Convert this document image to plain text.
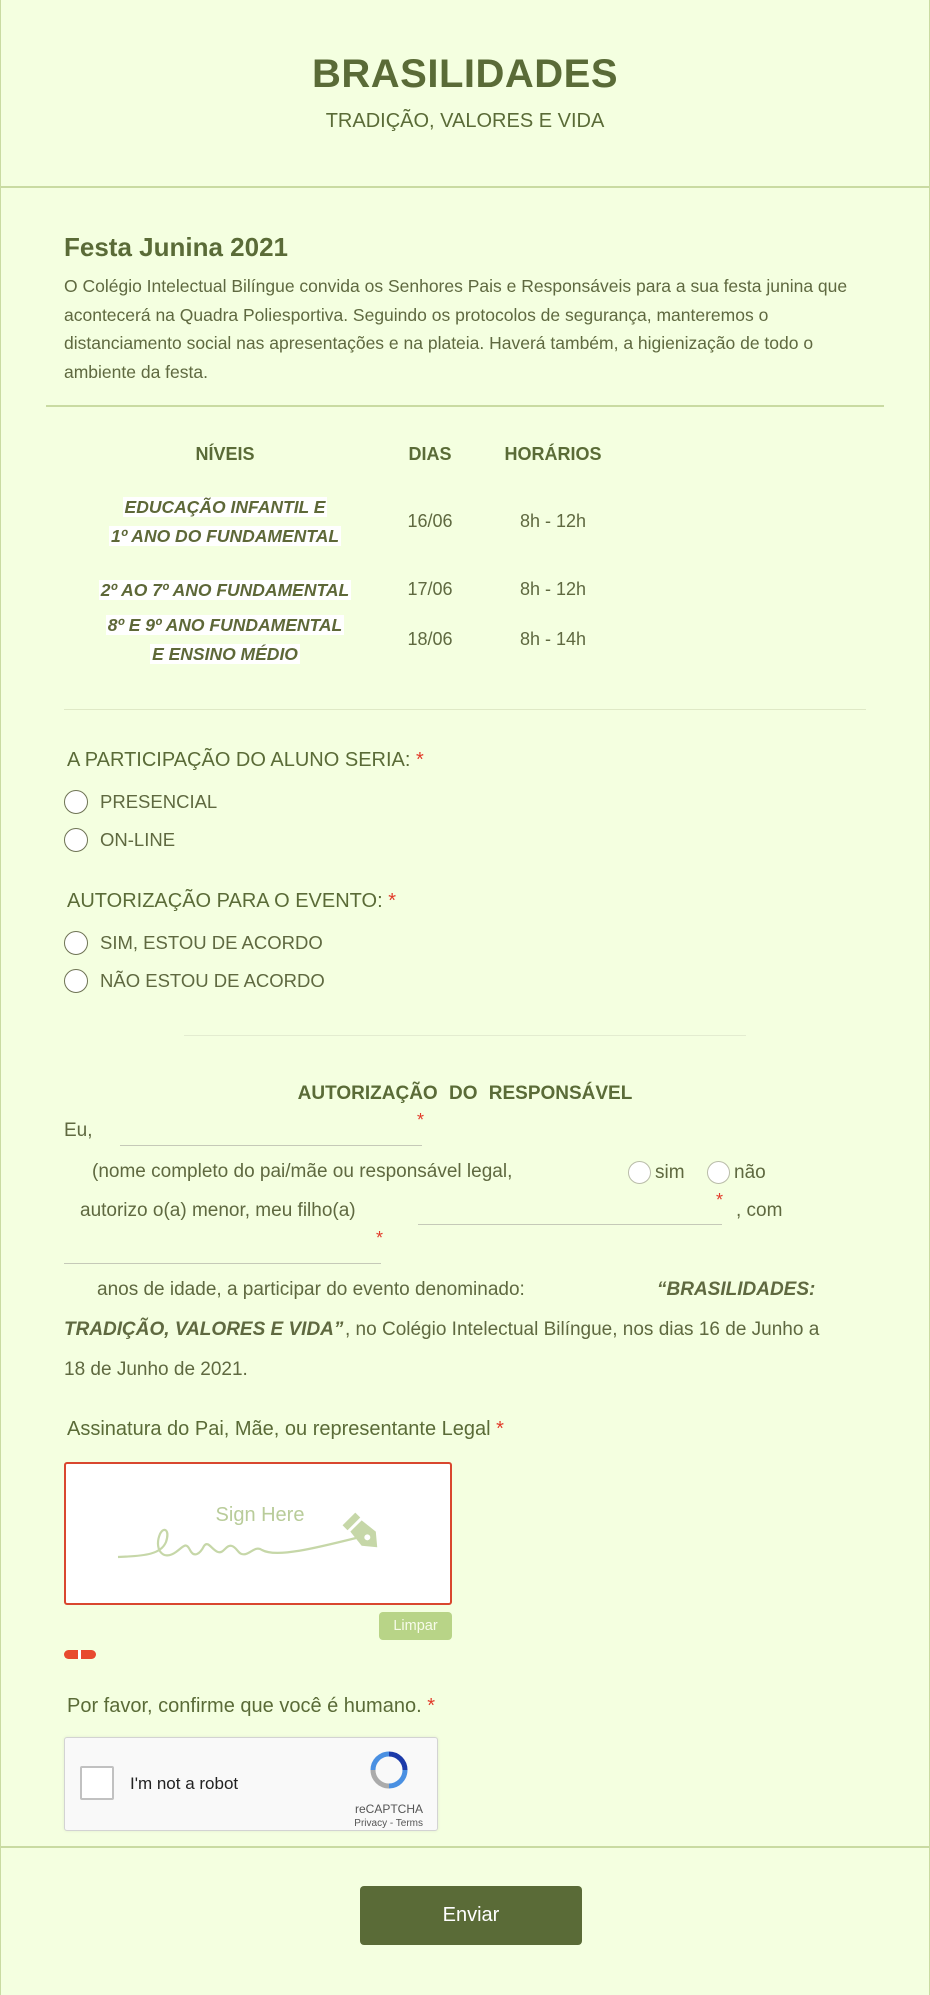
BRASILIDADES
TRADIÇÃO, VALORES E VIDA
Festa Junina 2021
O Colégio Intelectual Bilíngue convida os Senhores Pais e Responsáveis para a sua festa junina que acontecerá na Quadra Poliesportiva. Seguindo os protocolos de segurança, manteremos o distanciamento social nas apresentações e na plateia. Haverá também, a higienização de todo o ambiente da festa.
NÍVEIS	DIAS	HORÁRIOS
EDUCAÇÃO INFANTIL E
1º ANO DO FUNDAMENTAL
16/06	8h - 12h
2º AO 7º ANO FUNDAMENTAL	17/06	8h - 12h
8º E 9º ANO FUNDAMENTAL
E ENSINO MÉDIO
18/06	8h - 14h
A PARTICIPAÇÃO DO ALUNO SERIA: *
PRESENCIAL
ON-LINE
AUTORIZAÇÃO PARA O EVENTO: *
SIM, ESTOU DE ACORDO
NÃO ESTOU DE ACORDO
AUTORIZAÇÃO DO RESPONSÁVEL
Eu,	*
(nome completo do pai/mãe ou responsável legal,	sim	não
autorizo o(a) menor, meu filho(a)	* , com
*
anos de idade, a participar do evento denominado:	“BRASILIDADES:
TRADIÇÃO, VALORES E VIDA” , no Colégio Intelectual Bilíngue, nos dias 16 de Junho a
18 de Junho de 2021.
Assinatura do Pai, Mãe, ou representante Legal *
Sign Here
Limpar
Por favor, confirme que você é humano. *
I'm not a robot
reCAPTCHA
Privacy - Terms
Enviar
